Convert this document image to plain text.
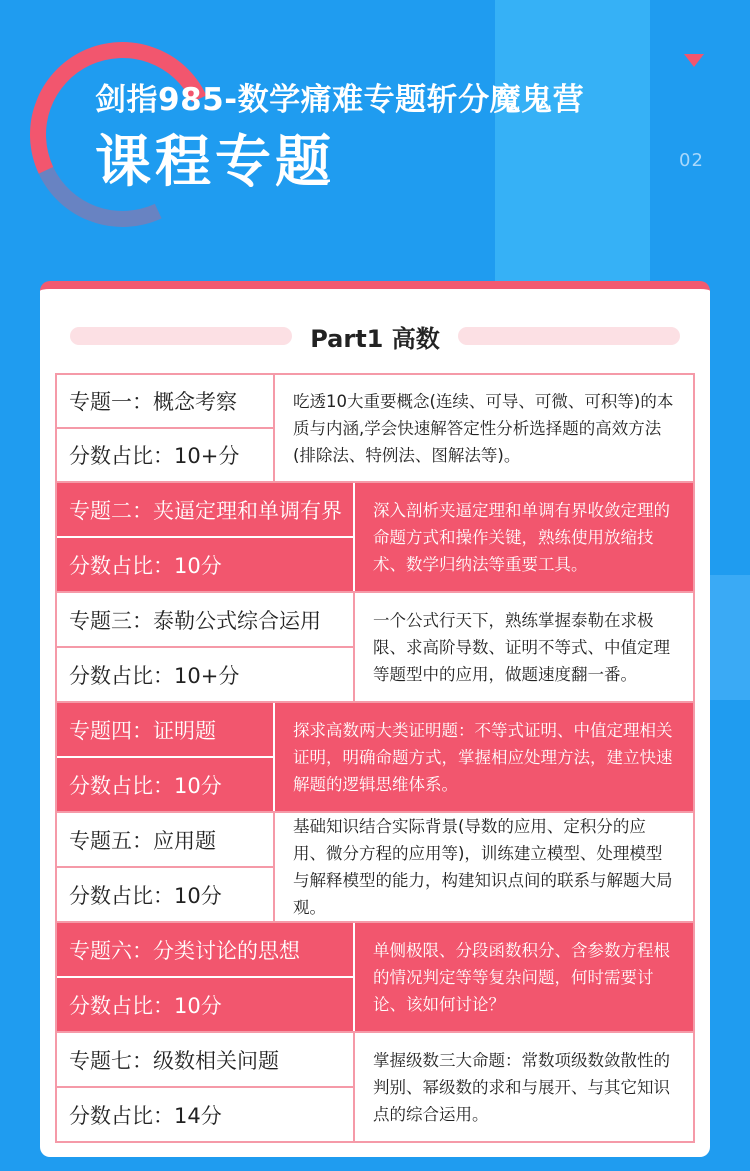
剑指985-数学痛难专题斩分魔鬼营
课程专题	02
Part1 高数
专题一：概念考察
分数占比：10+分
吃透10大重要概念(连续、可导、可微、可积等)的本质与内涵,学会快速解答定性分析选择题的高效方法(排除法、特例法、图解法等)。
专题二：夹逼定理和单调有界
分数占比：10分
深入剖析夹逼定理和单调有界收敛定理的命题方式和操作关键，熟练使用放缩技术、数学归纳法等重要工具。
专题三：泰勒公式综合运用
分数占比：10+分
一个公式行天下，熟练掌握泰勒在求极限、求高阶导数、证明不等式、中值定理等题型中的应用，做题速度翻一番。
专题四：证明题
分数占比：10分
探求高数两大类证明题：不等式证明、中值定理相关证明，明确命题方式，掌握相应处理方法，建立快速解题的逻辑思维体系。
专题五：应用题
分数占比：10分
基础知识结合实际背景(导数的应用、定积分的应用、微分方程的应用等)，训练建立模型、处理模型与解释模型的能力，构建知识点间的联系与解题大局观。
专题六：分类讨论的思想
分数占比：10分
单侧极限、分段函数积分、含参数方程根的情况判定等等复杂问题，何时需要讨论、该如何讨论？
专题七：级数相关问题
分数占比：14分
掌握级数三大命题：常数项级数敛散性的判别、幂级数的求和与展开、与其它知识点的综合运用。
